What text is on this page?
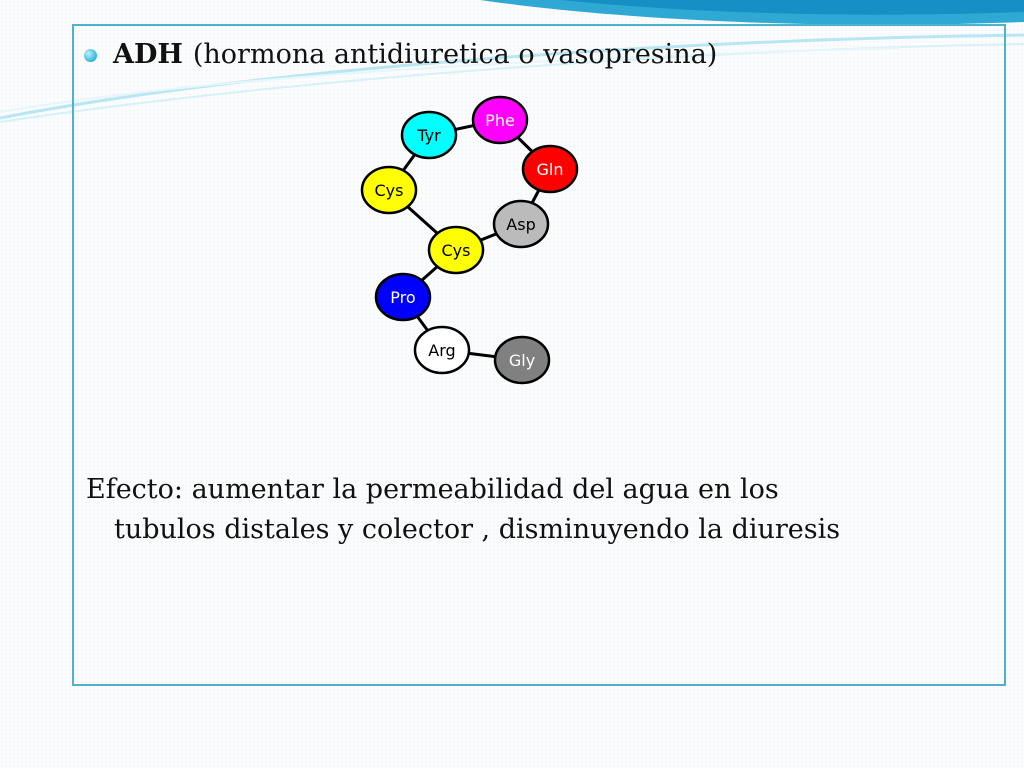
ADH (hormona antidiuretica o vasopresina)
Phe
Tyr
Gln
Cys
Asp
Cys
Pro
Arg
Gly
Efecto: aumentar la permeabilidad del agua en los
tubulos distales y colector , disminuyendo la diuresis
